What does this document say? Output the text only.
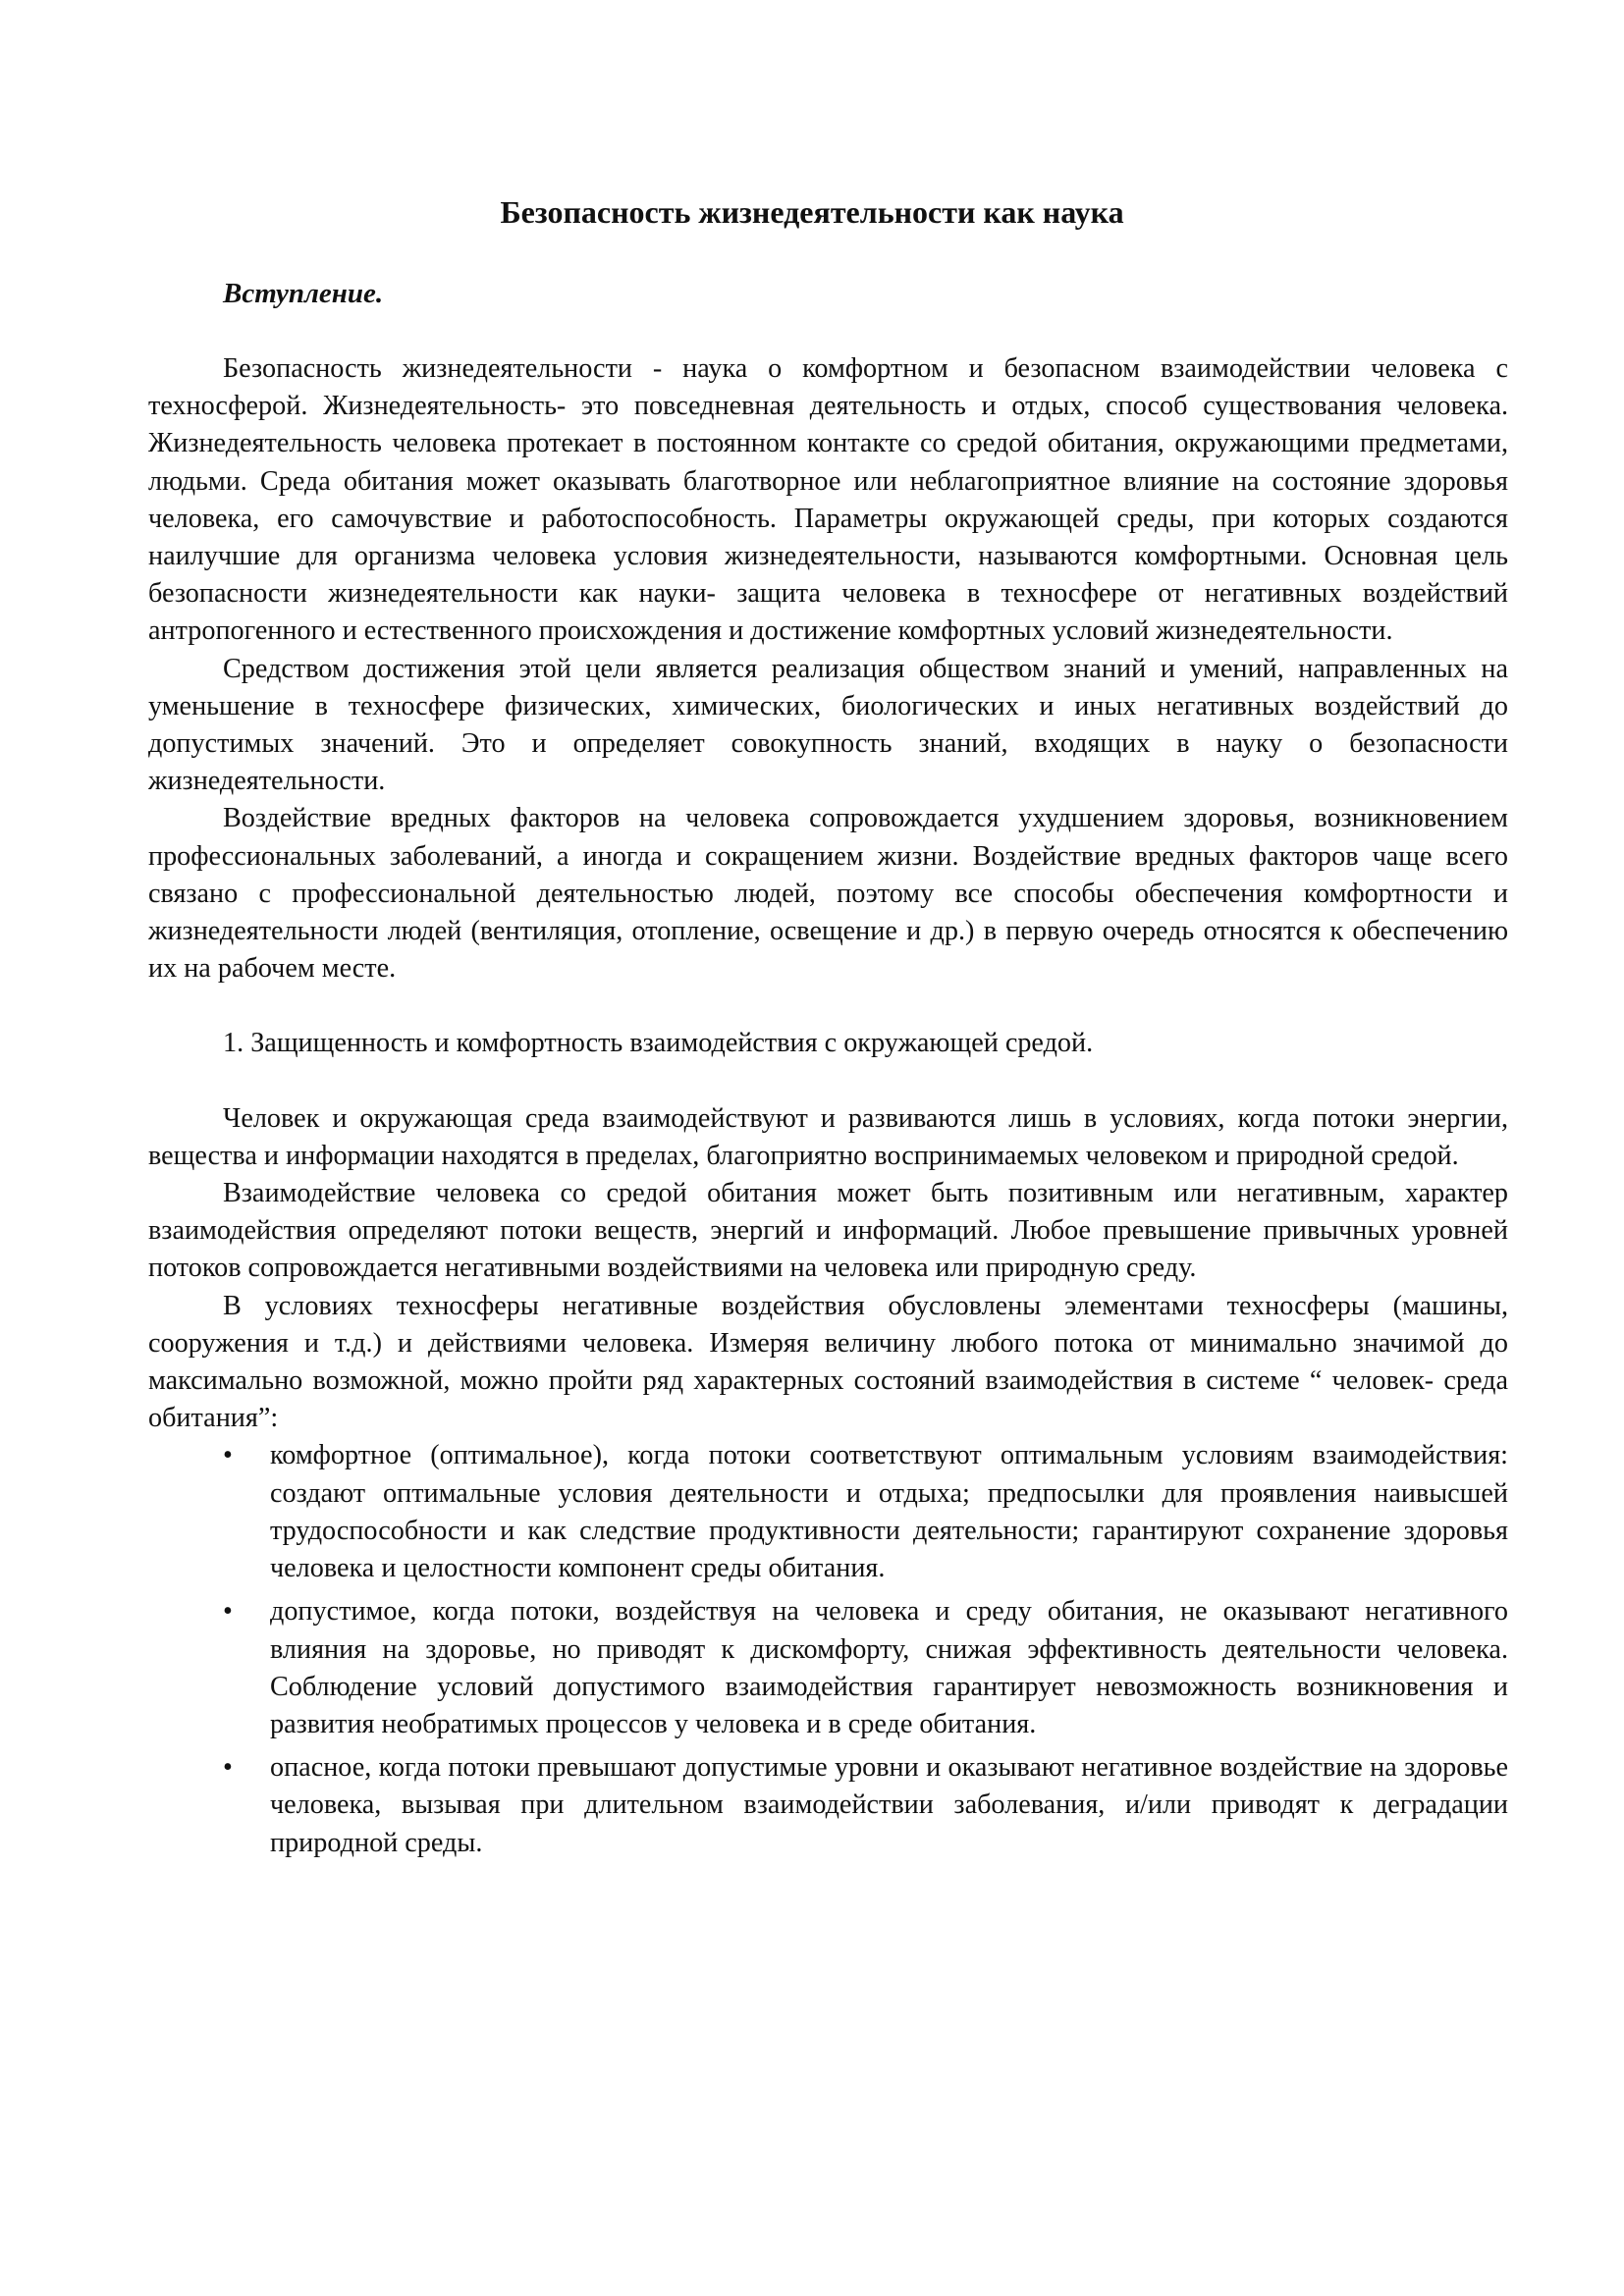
Безопасность жизнедеятельности как наука
Вступление.

Безопасность жизнедеятельности - наука о комфортном и безопасном взаимодействии человека с техносферой. Жизнедеятельность- это повседневная деятельность и отдых, способ существования человека. Жизнедеятельность человека протекает в постоянном контакте со средой обитания, окружающими предметами, людьми. Среда обитания может оказывать благотворное или неблагоприятное влияние на состояние здоровья человека, его самочувствие и работоспособность. Параметры окружающей среды, при которых создаются наилучшие для организма человека условия жизнедеятельности, называются комфортными. Основная цель безопасности жизнедеятельности как науки- защита человека в техносфере от негативных воздействий антропогенного и естественного происхождения и достижение комфортных условий жизнедеятельности.

Средством достижения этой цели является реализация обществом знаний и умений, направленных на уменьшение в техносфере физических, химических, биологических и иных негативных воздействий до допустимых значений. Это и определяет совокупность знаний, входящих в науку о безопасности жизнедеятельности.

Воздействие вредных факторов на человека сопровождается ухудшением здоровья, возникновением профессиональных заболеваний, а иногда и сокращением жизни. Воздействие вредных факторов чаще всего связано с профессиональной деятельностью людей, поэтому все способы обеспечения комфортности и жизнедеятельности людей (вентиляция, отопление, освещение и др.) в первую очередь относятся к обеспечению их на рабочем месте.

1. Защищенность и комфортность взаимодействия с окружающей средой.

Человек и окружающая среда взаимодействуют и развиваются лишь в условиях, когда потоки энергии, вещества и информации находятся в пределах, благоприятно воспринимаемых человеком и природной средой.

Взаимодействие человека со средой обитания может быть позитивным или негативным, характер взаимодействия определяют потоки веществ, энергий и информаций. Любое превышение привычных уровней потоков сопровождается негативными воздействиями на человека или природную среду.

В условиях техносферы негативные воздействия обусловлены элементами техносферы (машины, сооружения и т.д.) и действиями человека. Измеряя величину любого потока от минимально значимой до максимально возможной, можно пройти ряд характерных состояний взаимодействия в системе “ человек- среда обитания”:

•	комфортное (оптимальное), когда потоки соответствуют оптимальным условиям взаимодействия: создают оптимальные условия деятельности и отдыха; предпосылки для проявления наивысшей трудоспособности и как следствие продуктивности деятельности; гарантируют сохранение здоровья человека и целостности компонент среды обитания.
•	допустимое, когда потоки, воздействуя на человека и среду обитания, не оказывают негативного влияния на здоровье, но приводят к дискомфорту, снижая эффективность деятельности человека. Соблюдение условий допустимого взаимодействия гарантирует невозможность возникновения и развития необратимых процессов у человека и в среде обитания.
•	опасное, когда потоки превышают допустимые уровни и оказывают негативное воздействие на здоровье человека, вызывая при длительном взаимодействии заболевания, и/или приводят к деградации природной среды.
